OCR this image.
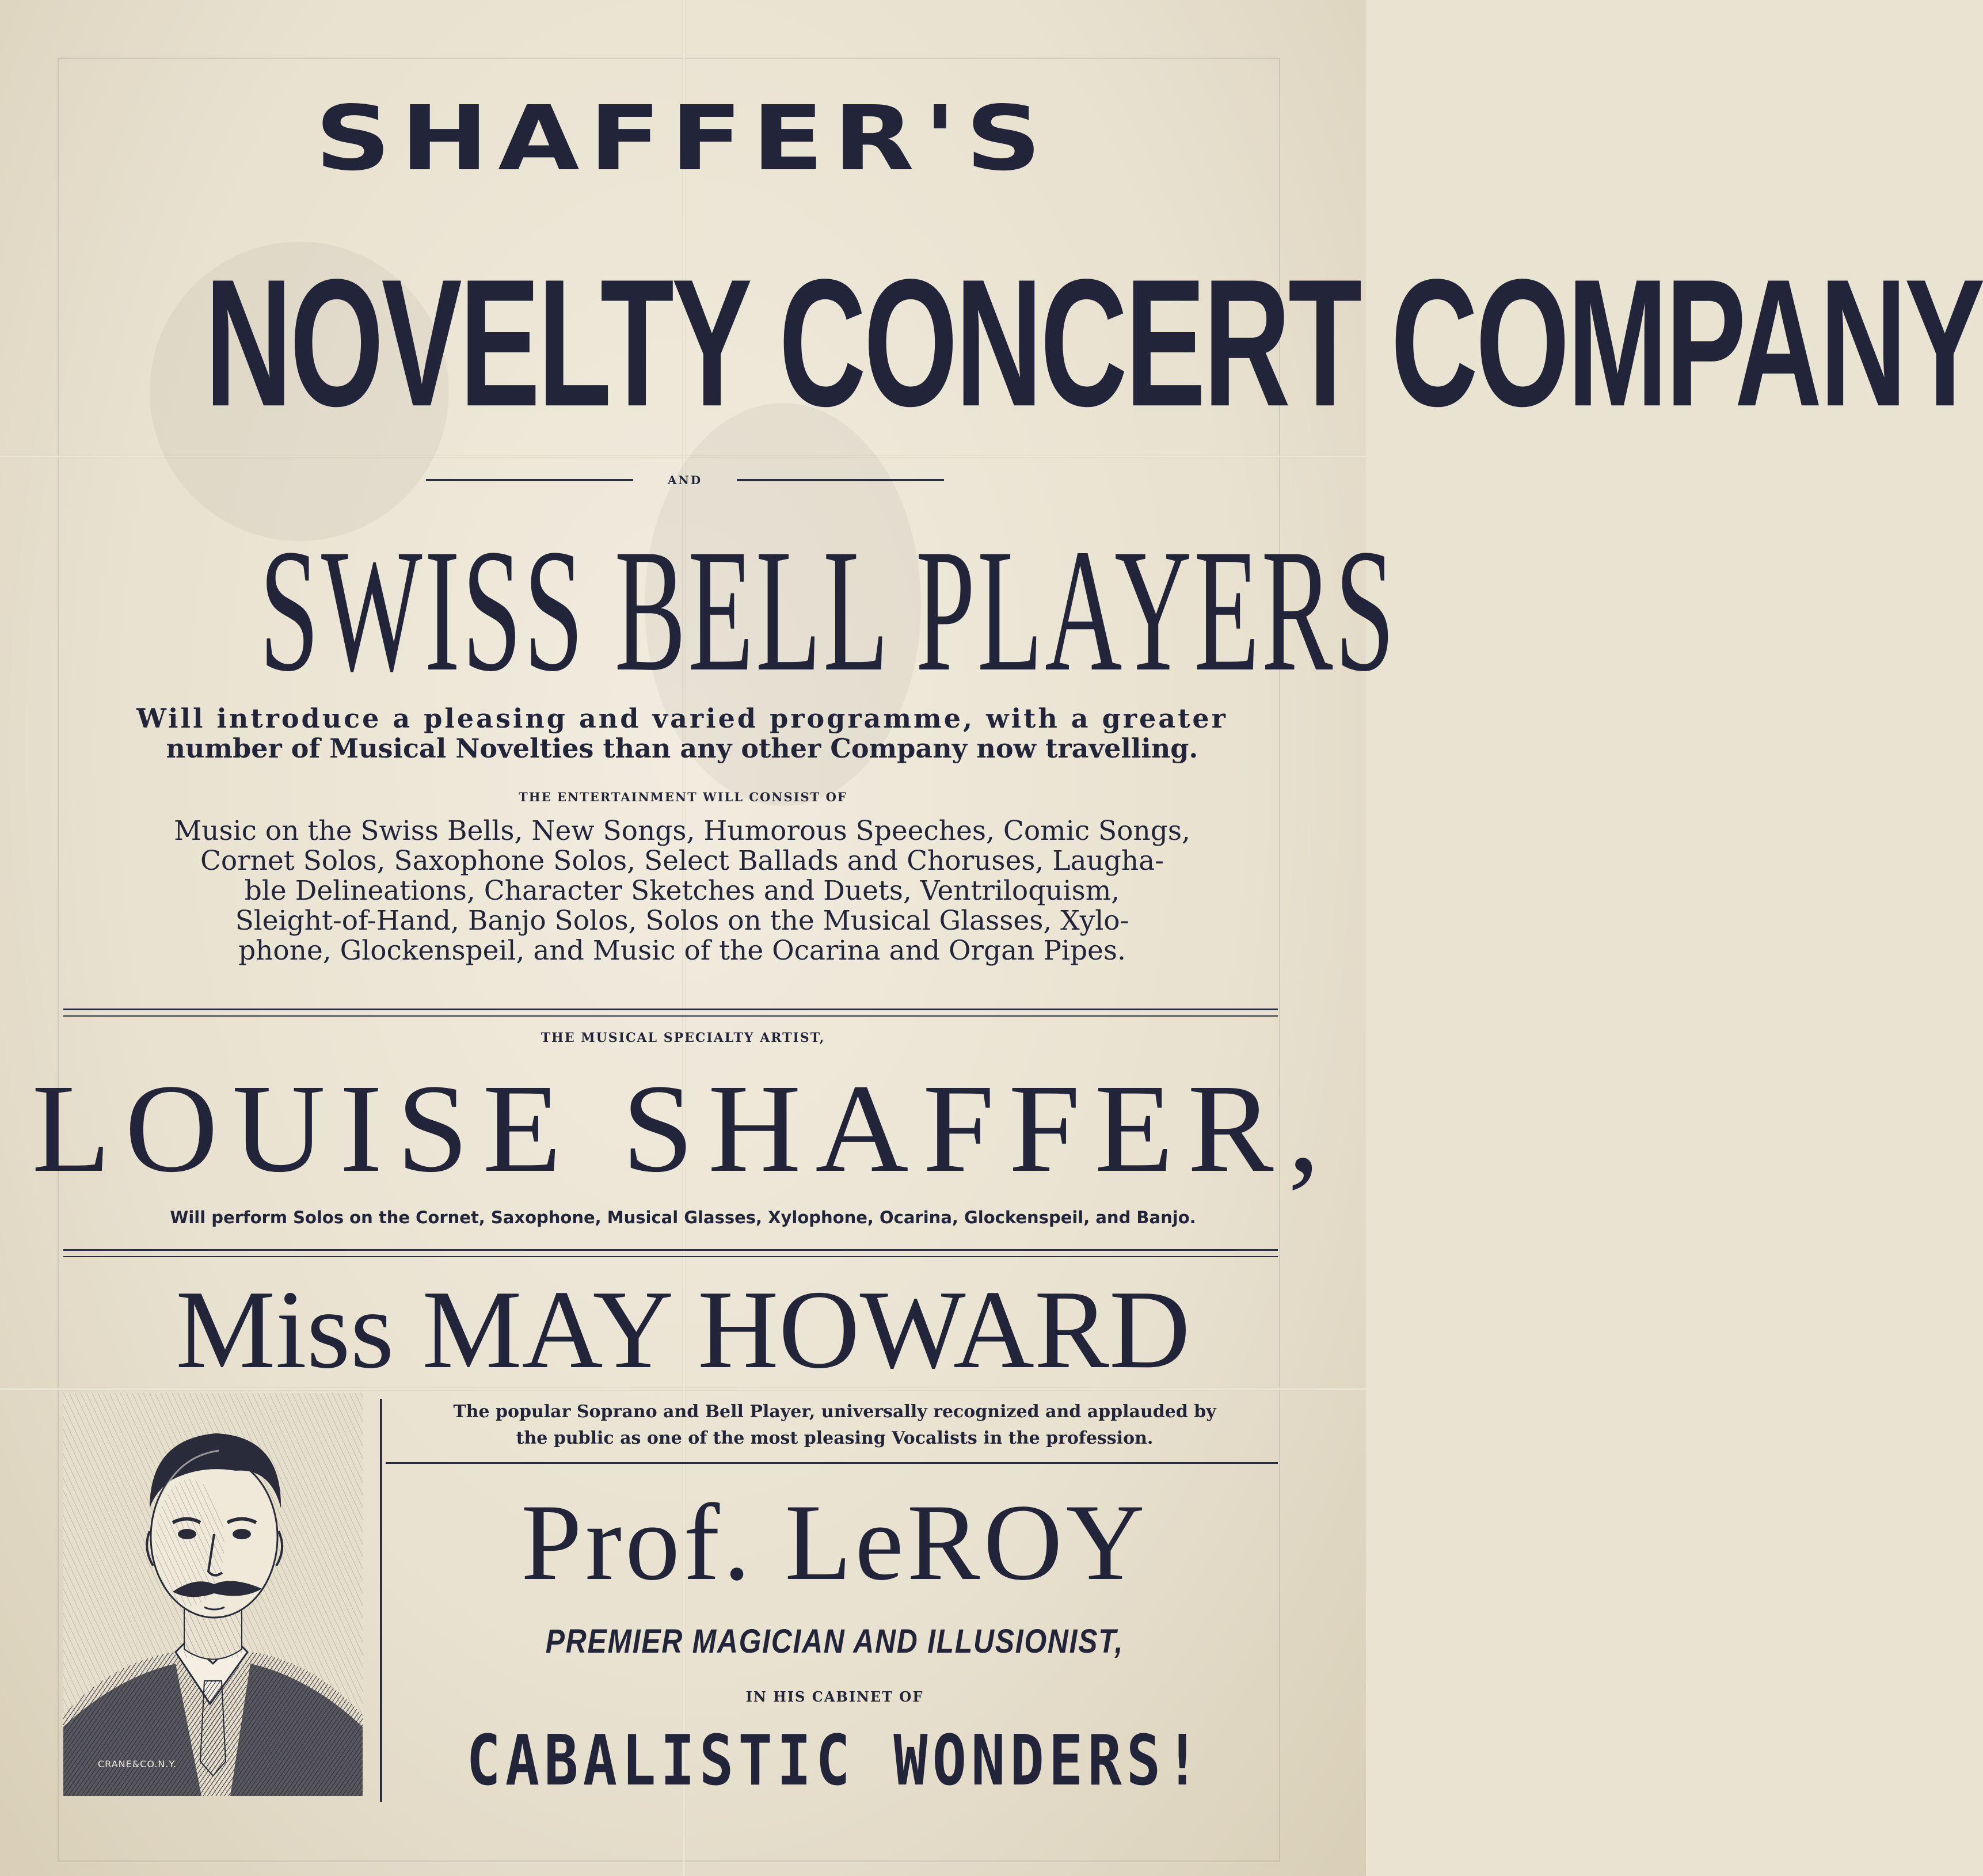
SHAFFER'S
NOVELTY CONCERT COMPANY
AND
SWISS BELL PLAYERS
Will introduce a pleasing and varied programme, with a greater
number of Musical Novelties than any other Company now travelling.
THE ENTERTAINMENT WILL CONSIST OF
Music on the Swiss Bells, New Songs, Humorous Speeches, Comic Songs,
Cornet Solos, Saxophone Solos, Select Ballads and Choruses, Laugha-
ble Delineations, Character Sketches and Duets, Ventriloquism,
Sleight-of-Hand, Banjo Solos, Solos on the Musical Glasses, Xylo-
phone, Glockenspeil, and Music of the Ocarina and Organ Pipes.
THE MUSICAL SPECIALTY ARTIST,
LOUISE SHAFFER,
Will perform Solos on the Cornet, Saxophone, Musical Glasses, Xylophone, Ocarina, Glockenspeil, and Banjo.
Miss MAY HOWARD
The popular Soprano and Bell Player, universally recognized and applauded by
the public as one of the most pleasing Vocalists in the profession.
CRANE&CO.N.Y.
Prof. LeROY
PREMIER MAGICIAN AND ILLUSIONIST,
IN HIS CABINET OF
CABALISTIC WONDERS!
